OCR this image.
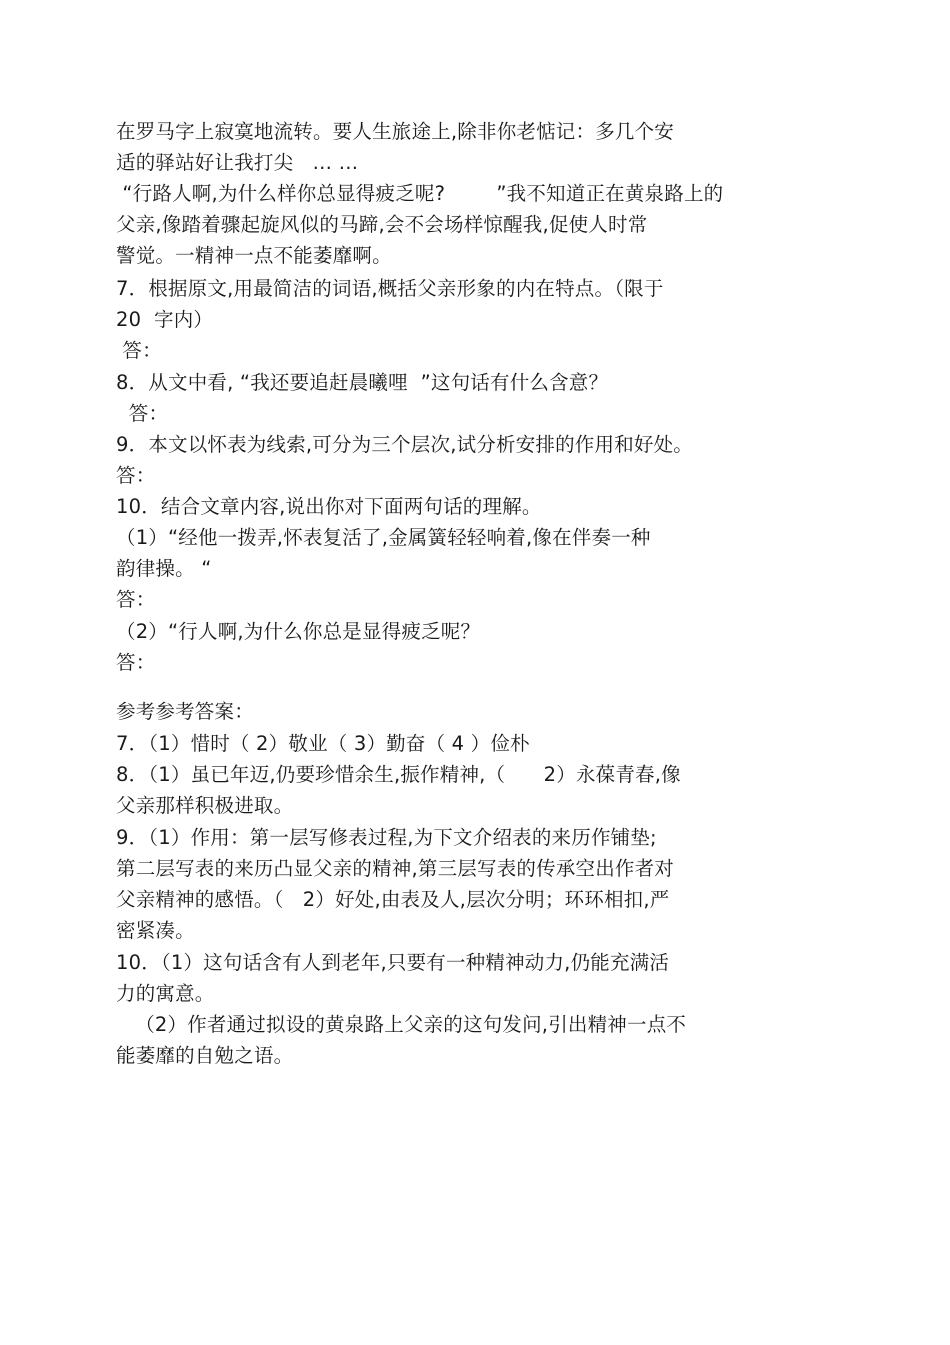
在罗马字上寂寞地流转。要人生旅途上,除非你老惦记：多几个安
适的驿站好让我打尖   … …
“行路人啊,为什么样你总显得疲乏呢?        ”我不知道正在黄泉路上的
父亲,像踏着骤起旋风似的马蹄,会不会场样惊醒我,促使人时常
警觉。一精神一点不能萎靡啊。
7．根据原文,用最简洁的词语,概括父亲形象的内在特点。（限于
20  字内）
答：
8．从文中看, “我还要追赶晨曦哩  ”这句话有什么含意？
答：
9．本文以怀表为线索,可分为三个层次,试分析安排的作用和好处。
答：
10．结合文章内容,说出你对下面两句话的理解。
（1）“经他一拨弄,怀表复活了,金属簧轻轻响着,像在伴奏一种
韵律操。 “
答：
（2）“行人啊,为什么你总是显得疲乏呢？
答：
参考参考答案：
7．（1）惜时（ 2）敬业（ 3）勤奋（ 4 ）俭朴
8．（1）虽已年迈,仍要珍惜余生,振作精神,（      2）永葆青春,像
父亲那样积极进取。
9．（1）作用：第一层写修表过程,为下文介绍表的来历作铺垫;
第二层写表的来历凸显父亲的精神,第三层写表的传承空出作者对
父亲精神的感悟。（   2）好处,由表及人,层次分明；环环相扣,严
密紧凑。
10．（1）这句话含有人到老年,只要有一种精神动力,仍能充满活
力的寓意。
（2）作者通过拟设的黄泉路上父亲的这句发问,引出精神一点不
能萎靡的自勉之语。
